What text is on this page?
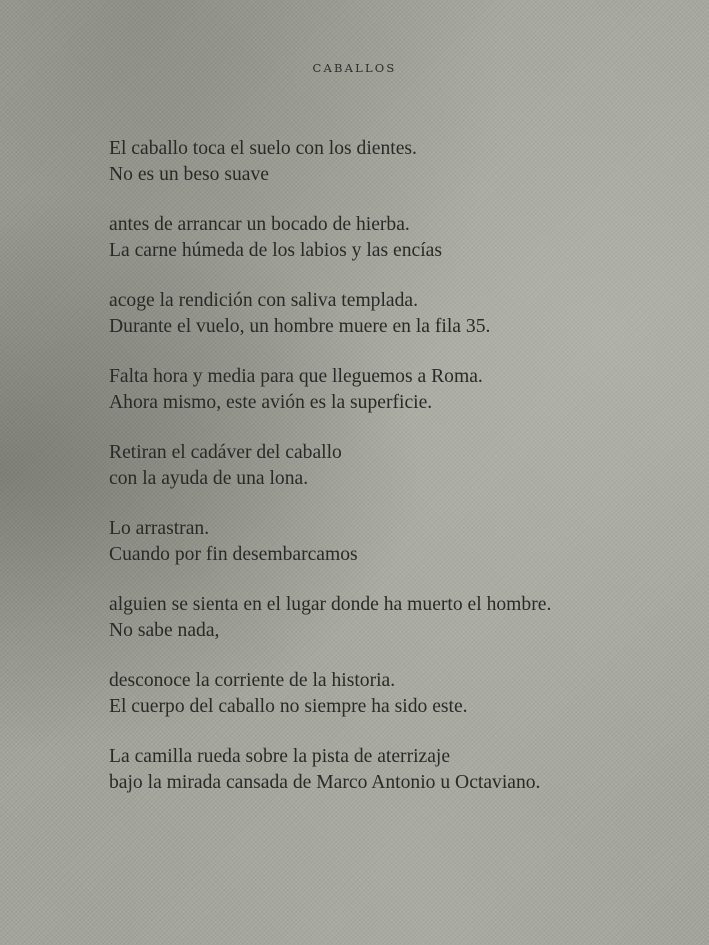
CABALLOS

El caballo toca el suelo con los dientes.
No es un beso suave

antes de arrancar un bocado de hierba.
La carne húmeda de los labios y las encías

acoge la rendición con saliva templada.
Durante el vuelo, un hombre muere en la fila 35.

Falta hora y media para que lleguemos a Roma.
Ahora mismo, este avión es la superficie.

Retiran el cadáver del caballo
con la ayuda de una lona.

Lo arrastran.
Cuando por fin desembarcamos

alguien se sienta en el lugar donde ha muerto el hombre.
No sabe nada,

desconoce la corriente de la historia.
El cuerpo del caballo no siempre ha sido este.

La camilla rueda sobre la pista de aterrizaje
bajo la mirada cansada de Marco Antonio u Octaviano.
